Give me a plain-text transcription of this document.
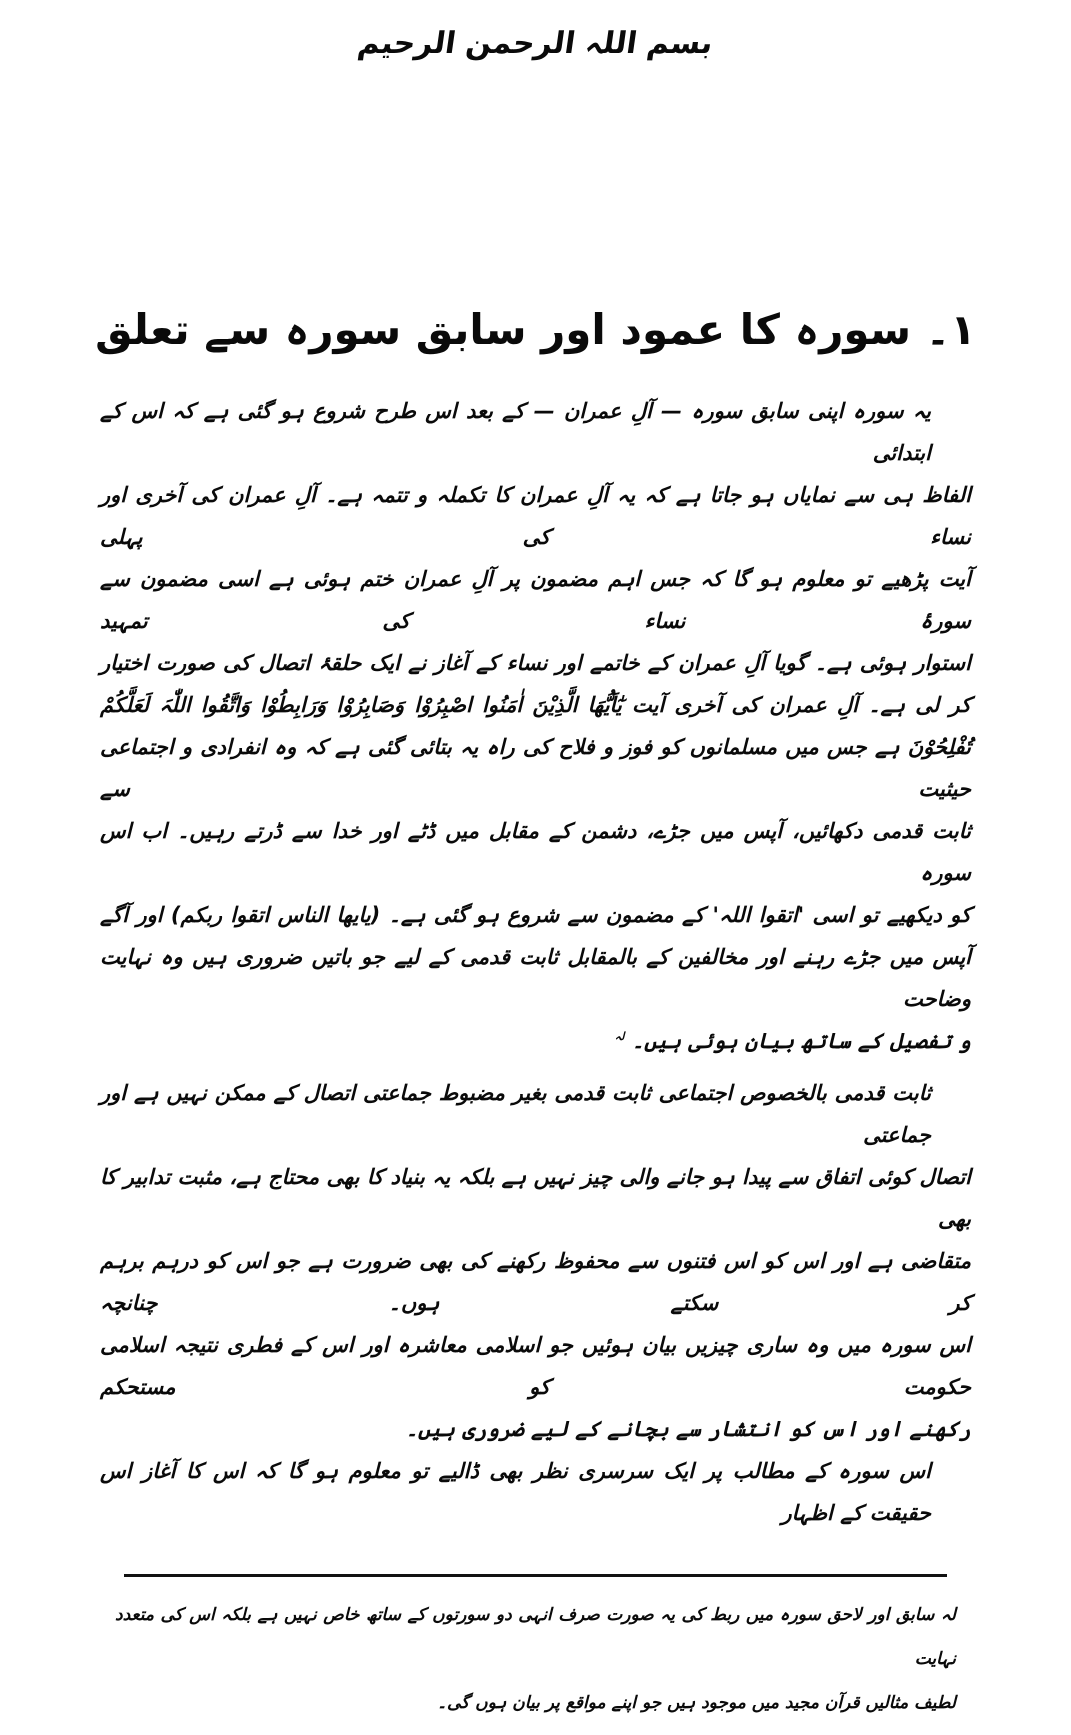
بسم اللہ الرحمن الرحیم
۱۔ سورہ کا عمود اور سابق سورہ سے تعلق
یہ سورہ اپنی سابق سورہ — آلِ عمران — کے بعد اس طرح شروع ہو گئی ہے کہ اس کے ابتدائی
الفاظ ہی سے نمایاں ہو جاتا ہے کہ یہ آلِ عمران کا تکملہ و تتمہ ہے۔ آلِ عمران کی آخری اور نساء کی پہلی
آیت پڑھیے تو معلوم ہو گا کہ جس اہم مضمون پر آلِ عمران ختم ہوئی ہے اسی مضمون سے سورۂ نساء کی تمہید
استوار ہوئی ہے۔ گویا آلِ عمران کے خاتمے اور نساء کے آغاز نے ایک حلقۂ اتصال کی صورت اختیار
کر لی ہے۔ آلِ عمران کی آخری آیت یٰٓاَیُّھَا الَّذِیْنَ اٰمَنُوا اصْبِرُوْا وَصَابِرُوْا وَرَابِطُوْا وَاتَّقُوا اللّٰہَ لَعَلَّکُمْ
تُفْلِحُوْنَ ہے جس میں مسلمانوں کو فوز و فلاح کی راہ یہ بتائی گئی ہے کہ وہ انفرادی و اجتماعی حیثیت سے
ثابت قدمی دکھائیں، آپس میں جڑے، دشمن کے مقابل میں ڈٹے اور خدا سے ڈرتے رہیں۔ اب اس سورہ
کو دیکھیے تو اسی 'اتقوا اللہ' کے مضمون سے شروع ہو گئی ہے۔ (یایھا الناس اتقوا ربکم) اور آگے
آپس میں جڑے رہنے اور مخالفین کے بالمقابل ثابت قدمی کے لیے جو باتیں ضروری ہیں وہ نہایت وضاحت
و تفصیل کے ساتھ بیان ہوئی ہیں۔ $^{لہ}$
ثابت قدمی بالخصوص اجتماعی ثابت قدمی بغیر مضبوط جماعتی اتصال کے ممکن نہیں ہے اور جماعتی
اتصال کوئی اتفاق سے پیدا ہو جانے والی چیز نہیں ہے بلکہ یہ بنیاد کا بھی محتاج ہے، مثبت تدابیر کا بھی
متقاضی ہے اور اس کو اس فتنوں سے محفوظ رکھنے کی بھی ضرورت ہے جو اس کو درہم برہم کر سکتے ہوں۔ چنانچہ
اس سورہ میں وہ ساری چیزیں بیان ہوئیں جو اسلامی معاشرہ اور اس کے فطری نتیجہ اسلامی حکومت کو مستحکم
رکھنے اور اس کو انتشار سے بچانے کے لیے ضروری ہیں۔
اس سورہ کے مطالب پر ایک سرسری نظر بھی ڈالیے تو معلوم ہو گا کہ اس کا آغاز اس حقیقت کے اظہار
لہ سابق اور لاحق سورہ میں ربط کی یہ صورت صرف انہی دو سورتوں کے ساتھ خاص نہیں ہے بلکہ اس کی متعدد نہایت
لطیف مثالیں قرآن مجید میں موجود ہیں جو اپنے مواقع پر بیان ہوں گی۔
